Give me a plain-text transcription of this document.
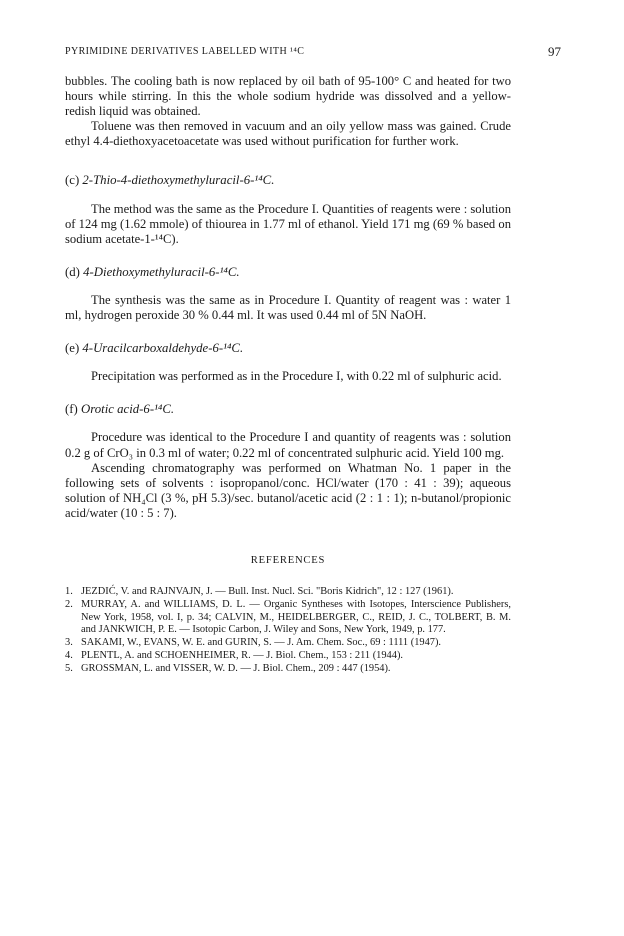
PYRIMIDINE DERIVATIVES LABELLED WITH ¹⁴C	97

bubbles. The cooling bath is now replaced by oil bath of 95-100° C and heated for two hours while stirring. In this the whole sodium hydride was dissolved and a yellow-redish liquid was obtained.

Toluene was then removed in vacuum and an oily yellow mass was gained. Crude ethyl 4.4-diethoxyacetoacetate was used without purification for further work.

(c) 2-Thio-4-diethoxymethyluracil-6-¹⁴C.

The method was the same as the Procedure I. Quantities of reagents were : solution of 124 mg (1.62 mmole) of thiourea in 1.77 ml of ethanol. Yield 171 mg (69 % based on sodium acetate-1-¹⁴C).

(d) 4-Diethoxymethyluracil-6-¹⁴C.

The synthesis was the same as in Procedure I. Quantity of reagent was : water 1 ml, hydrogen peroxide 30 % 0.44 ml. It was used 0.44 ml of 5N NaOH.

(e) 4-Uracilcarboxaldehyde-6-¹⁴C.

Precipitation was performed as in the Procedure I, with 0.22 ml of sulphuric acid.

(f) Orotic acid-6-¹⁴C.

Procedure was identical to the Procedure I and quantity of reagents was : solution 0.2 g of CrO₃ in 0.3 ml of water; 0.22 ml of concentrated sulphuric acid. Yield 100 mg.

Ascending chromatography was performed on Whatman No. 1 paper in the following sets of solvents : isopropanol/conc. HCl/water (170 : 41 : 39); aqueous solution of NH₄Cl (3 %, pH 5.3)/sec. butanol/acetic acid (2 : 1 : 1); n-butanol/propionic acid/water (10 : 5 : 7).

REFERENCES
1. JEZDIĆ, V. and RAJNVAJN, J. — Bull. Inst. Nucl. Sci. "Boris Kidrich", 12 : 127 (1961).
2. MURRAY, A. and WILLIAMS, D. L. — Organic Syntheses with Isotopes, Interscience Publishers, New York, 1958, vol. I, p. 34; CALVIN, M., HEIDELBERGER, C., REID, J. C., TOLBERT, B. M. and JANKWICH, P. E. — Isotopic Carbon, J. Wiley and Sons, New York, 1949, p. 177.
3. SAKAMI, W., EVANS, W. E. and GURIN, S. — J. Am. Chem. Soc., 69 : 1111 (1947).
4. PLENTL, A. and SCHOENHEIMER, R. — J. Biol. Chem., 153 : 211 (1944).
5. GROSSMAN, L. and VISSER, W. D. — J. Biol. Chem., 209 : 447 (1954).
